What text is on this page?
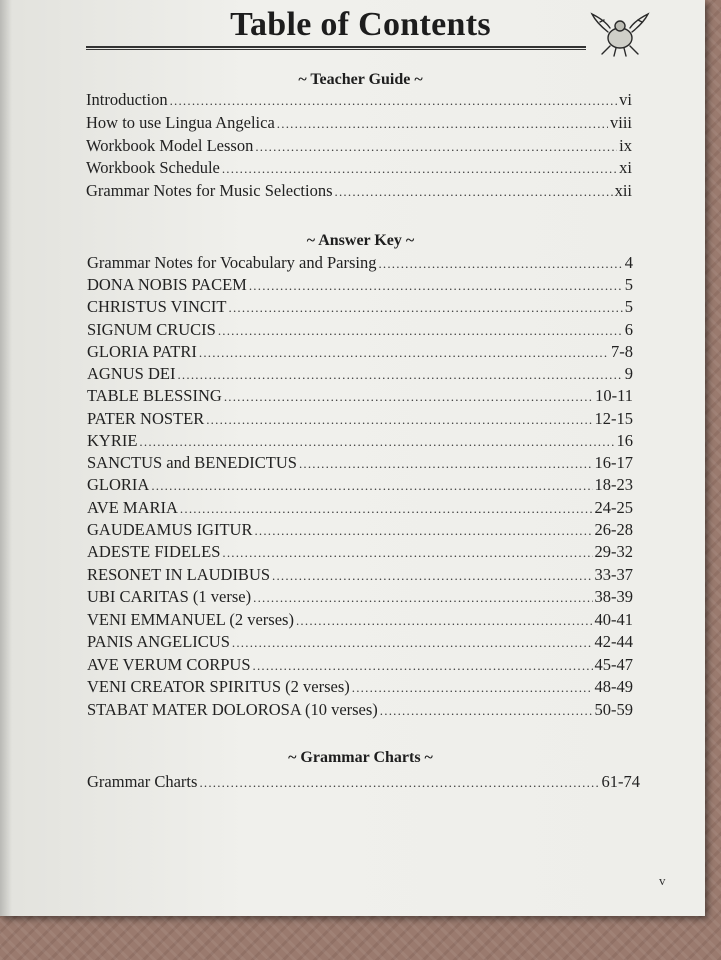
Table of Contents
~ Teacher Guide ~
Introduction .....	vi
How to use Lingua Angelica .....	viii
Workbook Model Lesson .....	ix
Workbook Schedule .....	xi
Grammar Notes for Music Selections .....	xii
~ Answer Key ~
Grammar Notes for Vocabulary and Parsing .....	4
DONA NOBIS PACEM .....	5
CHRISTUS VINCIT .....	5
SIGNUM CRUCIS .....	6
GLORIA PATRI .....	7-8
AGNUS DEI .....	9
TABLE BLESSING .....	10-11
PATER NOSTER .....	12-15
KYRIE .....	16
SANCTUS and BENEDICTUS .....	16-17
GLORIA .....	18-23
AVE MARIA .....	24-25
GAUDEAMUS IGITUR .....	26-28
ADESTE FIDELES .....	29-32
RESONET IN LAUDIBUS .....	33-37
UBI CARITAS (1 verse) .....	38-39
VENI EMMANUEL (2 verses) .....	40-41
PANIS ANGELICUS .....	42-44
AVE VERUM CORPUS .....	45-47
VENI CREATOR SPIRITUS (2 verses) .....	48-49
STABAT MATER DOLOROSA (10 verses) .....	50-59
~ Grammar Charts ~
Grammar Charts .....	61-74
v
